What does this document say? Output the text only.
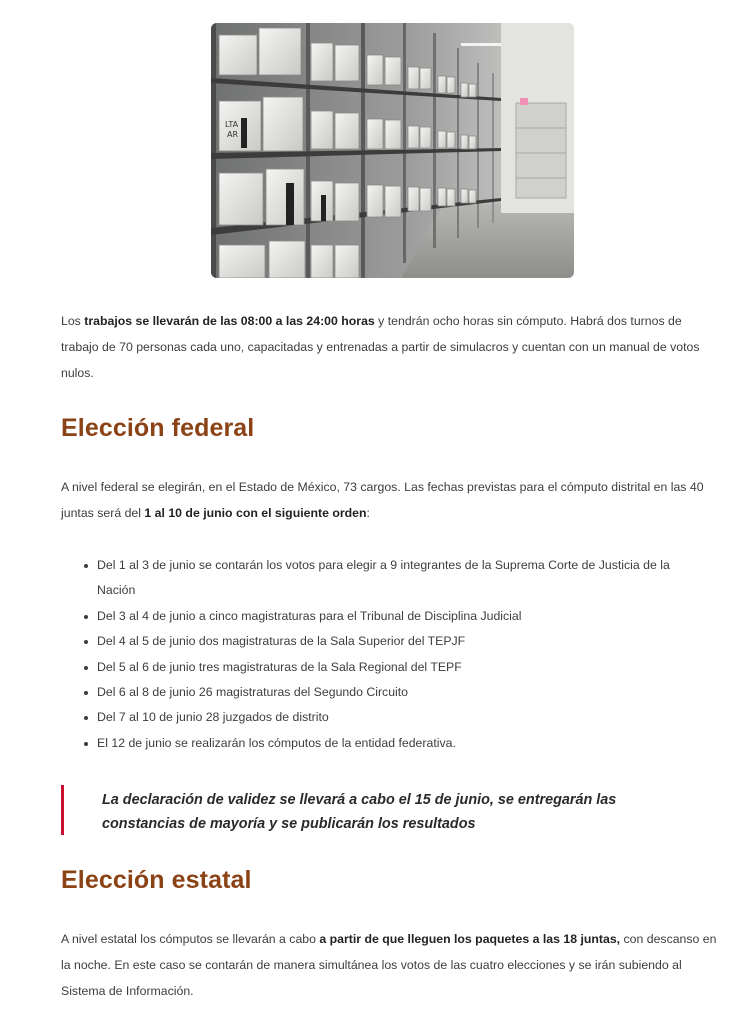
LTA
AR

Los trabajos se llevarán de las 08:00 a las 24:00 horas y tendrán ocho horas sin cómputo. Habrá dos turnos de trabajo de 70 personas cada uno, capacitadas y entrenadas a partir de simulacros y cuentan con un manual de votos nulos.

Elección federal

A nivel federal se elegirán, en el Estado de México, 73 cargos. Las fechas previstas para el cómputo distrital en las 40 juntas será del 1 al 10 de junio con el siguiente orden:

Del 1 al 3 de junio se contarán los votos para elegir a 9 integrantes de la Suprema Corte de Justicia de la Nación
Del 3 al 4 de junio a cinco magistraturas para el Tribunal de Disciplina Judicial
Del 4 al 5 de junio dos magistraturas de la Sala Superior del TEPJF
Del 5 al 6 de junio tres magistraturas de la Sala Regional del TEPF
Del 6 al 8 de junio 26 magistraturas del Segundo Circuito
Del 7 al 10 de junio 28 juzgados de distrito
El 12 de junio se realizarán los cómputos de la entidad federativa.

La declaración de validez se llevará a cabo el 15 de junio, se entregarán las constancias de mayoría y se publicarán los resultados

Elección estatal

A nivel estatal los cómputos se llevarán a cabo a partir de que lleguen los paquetes a las 18 juntas, con descanso en la noche. En este caso se contarán de manera simultánea los votos de las cuatro elecciones y se irán subiendo al Sistema de Información.
